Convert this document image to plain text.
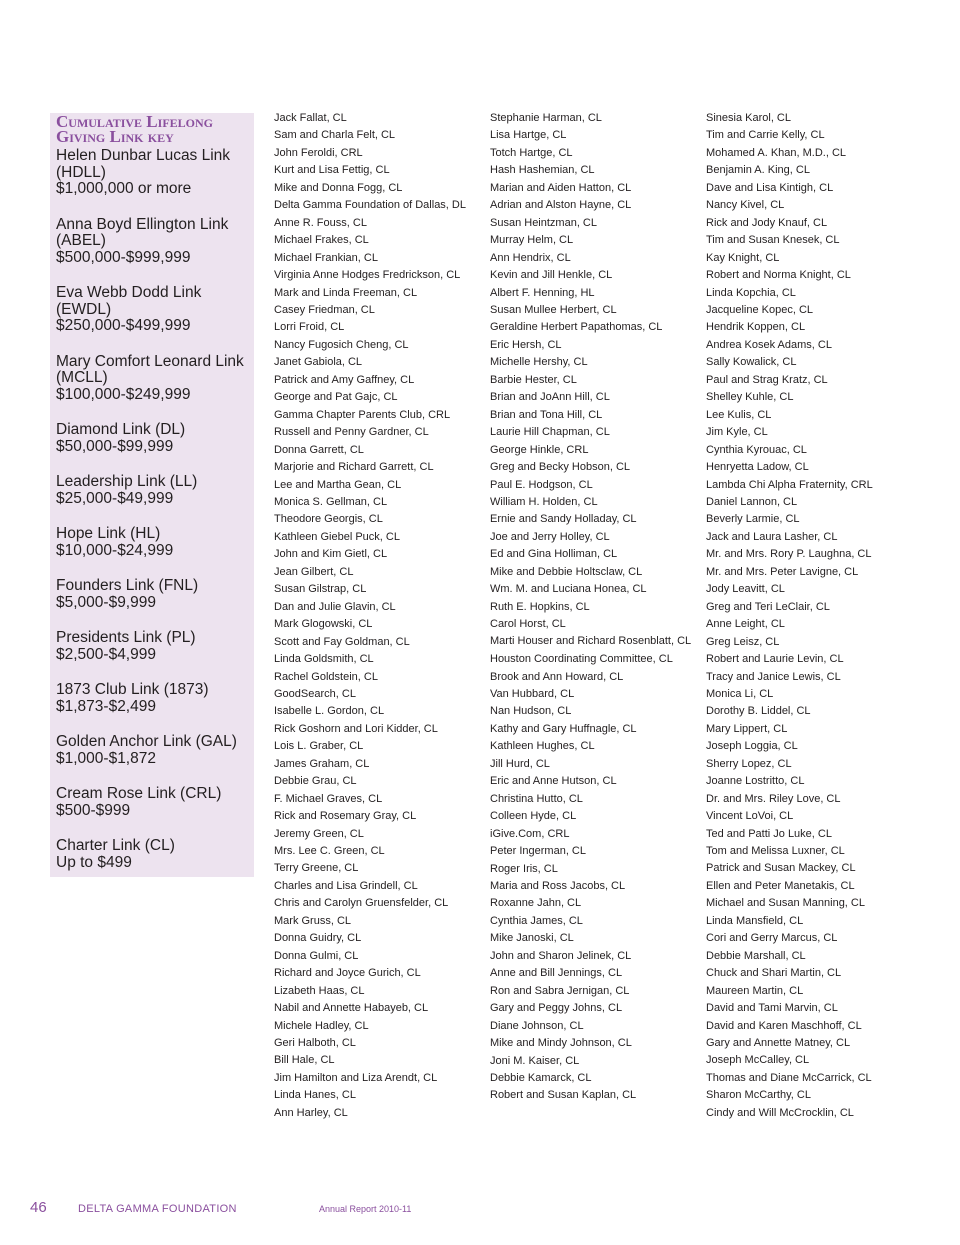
Cumulative Lifelong

Giving Link key

Helen Dunbar Lucas Link (HDLL)
$1,000,000 or more
Anna Boyd Ellington Link (ABEL)
$500,000-$999,999
Eva Webb Dodd Link (EWDL)
$250,000-$499,999
Mary Comfort Leonard Link (MCLL)
$100,000-$249,999
Diamond Link (DL)
$50,000-$99,999
Leadership Link (LL)
$25,000-$49,999
Hope Link (HL)
$10,000-$24,999
Founders Link (FNL)
$5,000-$9,999
Presidents Link (PL)
$2,500-$4,999
1873 Club Link (1873)
$1,873-$2,499
Golden Anchor Link (GAL)
$1,000-$1,872
Cream Rose Link (CRL)
$500-$999
Charter Link (CL)
Up to $499
Jack Fallat, CL
Sam and Charla Felt, CL
John Feroldi, CRL
Kurt and Lisa Fettig, CL
Mike and Donna Fogg, CL
Delta Gamma Foundation of Dallas, DL
Anne R. Fouss, CL
Michael Frakes, CL
Michael Frankian, CL
Virginia Anne Hodges Fredrickson, CL
Mark and Linda Freeman, CL
Casey Friedman, CL
Lorri Froid, CL
Nancy Fugosich Cheng, CL
Janet Gabiola, CL
Patrick and Amy Gaffney, CL
George and Pat Gajc, CL
Gamma Chapter Parents Club, CRL
Russell and Penny Gardner, CL
Donna Garrett, CL
Marjorie and Richard Garrett, CL
Lee and Martha Gean, CL
Monica S. Gellman, CL
Theodore Georgis, CL
Kathleen Giebel Puck, CL
John and Kim Gietl, CL
Jean Gilbert, CL
Susan Gilstrap, CL
Dan and Julie Glavin, CL
Mark Glogowski, CL
Scott and Fay Goldman, CL
Linda Goldsmith, CL
Rachel Goldstein, CL
GoodSearch, CL
Isabelle L. Gordon, CL
Rick Goshorn and Lori Kidder, CL
Lois L. Graber, CL
James Graham, CL
Debbie Grau, CL
F. Michael Graves, CL
Rick and Rosemary Gray, CL
Jeremy Green, CL
Mrs. Lee C. Green, CL
Terry Greene, CL
Charles and Lisa Grindell, CL
Chris and Carolyn Gruensfelder, CL
Mark Gruss, CL
Donna Guidry, CL
Donna Gulmi, CL
Richard and Joyce Gurich, CL
Lizabeth Haas, CL
Nabil and Annette Habayeb, CL
Michele Hadley, CL
Geri Halboth, CL
Bill Hale, CL
Jim Hamilton and Liza Arendt, CL
Linda Hanes, CL
Ann Harley, CL
Stephanie Harman, CL
Lisa Hartge, CL
Totch Hartge, CL
Hash Hashemian, CL
Marian and Aiden Hatton, CL
Adrian and Alston Hayne, CL
Susan Heintzman, CL
Murray Helm, CL
Ann Hendrix, CL
Kevin and Jill Henkle, CL
Albert F. Henning, HL
Susan Mullee Herbert, CL
Geraldine Herbert Papathomas, CL
Eric Hersh, CL
Michelle Hershy, CL
Barbie Hester, CL
Brian and JoAnn Hill, CL
Brian and Tona Hill, CL
Laurie Hill Chapman, CL
George Hinkle, CRL
Greg and Becky Hobson, CL
Paul E. Hodgson, CL
William H. Holden, CL
Ernie and Sandy Holladay, CL
Joe and Jerry Holley, CL
Ed and Gina Holliman, CL
Mike and Debbie Holtsclaw, CL
Wm. M. and Luciana Honea, CL
Ruth E. Hopkins, CL
Carol Horst, CL
Marti Houser and Richard Rosenblatt, CL
Houston Coordinating Committee, CL
Brook and Ann Howard, CL
Van Hubbard, CL
Nan Hudson, CL
Kathy and Gary Huffnagle, CL
Kathleen Hughes, CL
Jill Hurd, CL
Eric and Anne Hutson, CL
Christina Hutto, CL
Colleen Hyde, CL
iGive.Com, CRL
Peter Ingerman, CL
Roger Iris, CL
Maria and Ross Jacobs, CL
Roxanne Jahn, CL
Cynthia James, CL
Mike Janoski, CL
John and Sharon Jelinek, CL
Anne and Bill Jennings, CL
Ron and Sabra Jernigan, CL
Gary and Peggy Johns, CL
Diane Johnson, CL
Mike and Mindy Johnson, CL
Joni M. Kaiser, CL
Debbie Kamarck, CL
Robert and Susan Kaplan, CL
Sinesia Karol, CL
Tim and Carrie Kelly, CL
Mohamed A. Khan, M.D., CL
Benjamin A. King, CL
Dave and Lisa Kintigh, CL
Nancy Kivel, CL
Rick and Jody Knauf, CL
Tim and Susan Knesek, CL
Kay Knight, CL
Robert and Norma Knight, CL
Linda Kopchia, CL
Jacqueline Kopec, CL
Hendrik Koppen, CL
Andrea Kosek Adams, CL
Sally Kowalick, CL
Paul and Strag Kratz, CL
Shelley Kuhle, CL
Lee Kulis, CL
Jim Kyle, CL
Cynthia Kyrouac, CL
Henryetta Ladow, CL
Lambda Chi Alpha Fraternity, CRL
Daniel Lannon, CL
Beverly Larmie, CL
Jack and Laura Lasher, CL
Mr. and Mrs. Rory P. Laughna, CL
Mr. and Mrs. Peter Lavigne, CL
Jody Leavitt, CL
Greg and Teri LeClair, CL
Anne Leight, CL
Greg Leisz, CL
Robert and Laurie Levin, CL
Tracy and Janice Lewis, CL
Monica Li, CL
Dorothy B. Liddel, CL
Mary Lippert, CL
Joseph Loggia, CL
Sherry Lopez, CL
Joanne Lostritto, CL
Dr. and Mrs. Riley Love, CL
Vincent LoVoi, CL
Ted and Patti Jo Luke, CL
Tom and Melissa Luxner, CL
Patrick and Susan Mackey, CL
Ellen and Peter Manetakis, CL
Michael and Susan Manning, CL
Linda Mansfield, CL
Cori and Gerry Marcus, CL
Debbie Marshall, CL
Chuck and Shari Martin, CL
Maureen Martin, CL
David and Tami Marvin, CL
David and Karen Maschhoff, CL
Gary and Annette Matney, CL
Joseph McCalley, CL
Thomas and Diane McCarrick, CL
Sharon McCarthy, CL
Cindy and Will McCrocklin, CL
46	DELTA GAMMA FOUNDATION	Annual Report 2010-11
